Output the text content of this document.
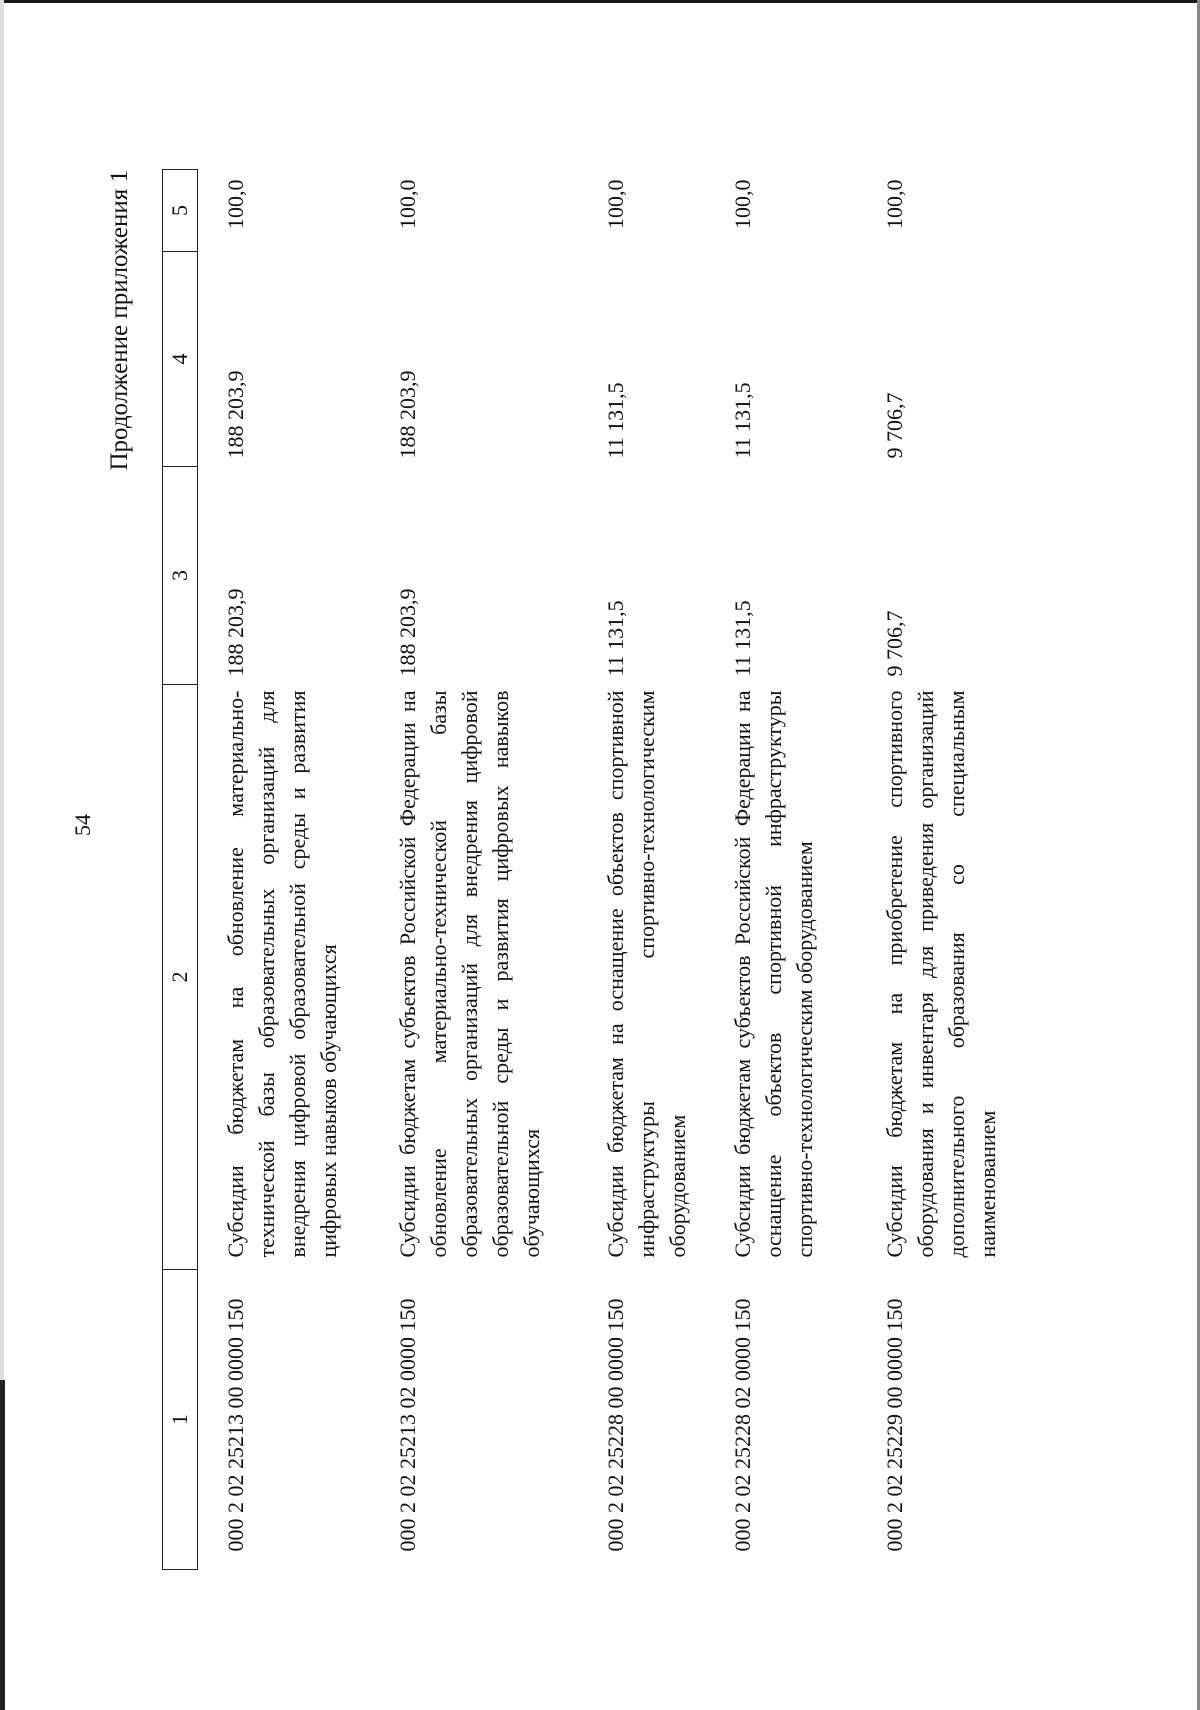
54
Продолжение приложения 1
1	2	3	4	5
000 2 02 25213 00 0000 150	Субсидии бюджетам на обновление материально-технической базы образовательных организаций для внедрения цифровой образовательной среды и развития цифровых навыков обучающихся	188 203,9	188 203,9	100,0
000 2 02 25213 02 0000 150	Субсидии бюджетам субъектов Российской Федерации на обновление материально-технической базы образовательных организаций для внедрения цифровой образовательной среды и развития цифровых навыков обучающихся	188 203,9	188 203,9	100,0
000 2 02 25228 00 0000 150	Субсидии бюджетам на оснащение объектов спортивной инфраструктуры спортивно-технологическим оборудованием	11 131,5	11 131,5	100,0
000 2 02 25228 02 0000 150	Субсидии бюджетам субъектов Российской Федерации на оснащение объектов спортивной инфраструктуры спортивно-технологическим оборудованием	11 131,5	11 131,5	100,0
000 2 02 25229 00 0000 150	Субсидии бюджетам на приобретение спортивного оборудования и инвентаря для приведения организаций дополнительного образования со специальным наименованием	9 706,7	9 706,7	100,0
